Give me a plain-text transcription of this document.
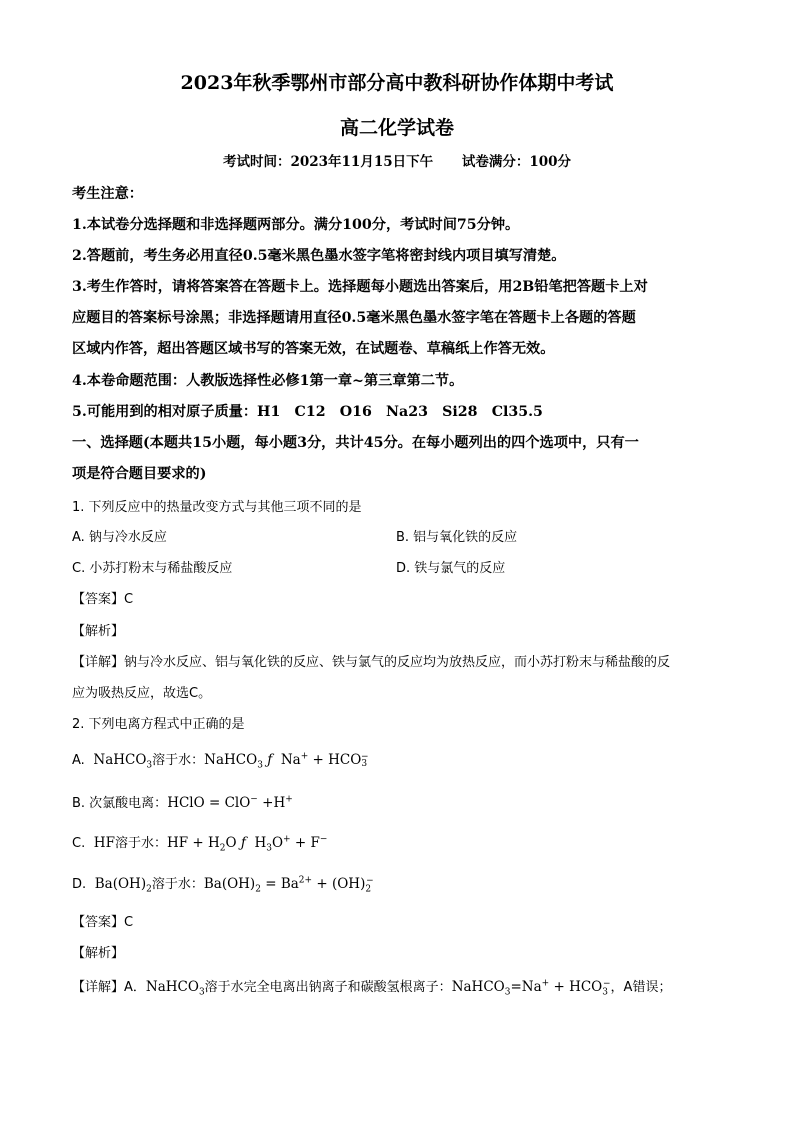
2023年秋季鄂州市部分高中教科研协作体期中考试
高二化学试卷
考试时间：2023年11月15日下午 试卷满分：100分
考生注意：
1.本试卷分选择题和非选择题两部分。满分100分，考试时间75分钟。
2.答题前，考生务必用直径0.5毫米黑色墨水签字笔将密封线内项目填写清楚。
3.考生作答时，请将答案答在答题卡上。选择题每小题选出答案后，用2B铅笔把答题卡上对
应题目的答案标号涂黑；非选择题请用直径0.5毫米黑色墨水签字笔在答题卡上各题的答题
区域内作答，超出答题区域书写的答案无效，在试题卷、草稿纸上作答无效。
4.本卷命题范围：人教版选择性必修1第一章~第三章第二节。
5.可能用到的相对原子质量：H1　C12　O16　Na23　Si28　Cl35.5
一、选择题(本题共15小题，每小题3分，共计45分。在每小题列出的四个选项中，只有一
项是符合题目要求的)
1. 下列反应中的热量改变方式与其他三项不同的是
A. 钠与冷水反应	B. 铝与氧化铁的反应
C. 小苏打粉末与稀盐酸反应	D. 铁与氯气的反应
【答案】C
【解析】
【详解】钠与冷水反应、铝与氧化铁的反应、铁与氯气的反应均为放热反应，而小苏打粉末与稀盐酸的反
应为吸热反应，故选C。
2. 下列电离方程式中正确的是
A.  NaHCO$_3$溶于水：NaHCO$_3$ ƒ  $Na^+ + HCO_3^-$
B. 次氯酸电离：HClO = ClO− +H+
C.  HF溶于水：HF + $H_2O$ ƒ  $H_3O^+ + F^-$
D.  $Ba(OH)_2$溶于水：$Ba(OH)_2 = Ba^{2+} + (OH)_2^-$
【答案】C
【解析】
【详解】A．NaHCO$_3$溶于水完全电离出钠离子和碳酸氢根离子：NaHCO$_3$=Na+ + $HCO_3^-$，A错误；
